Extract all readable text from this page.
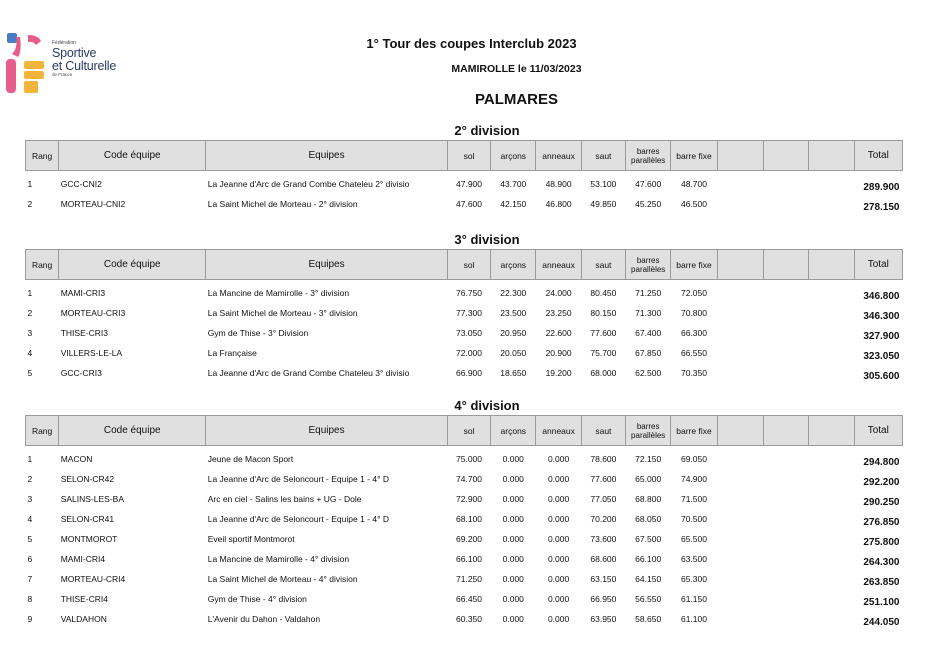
Fédération
Sportive
et Culturelle
de France
1° Tour des coupes Interclub 2023
MAMIROLLE le 11/03/2023
PALMARES
2° division
Rang	Code équipe	Equipes	sol	arçons	anneaux	saut	barres
parallèles	barre fixe				Total
1	GCC-CNI2	La Jeanne d'Arc de Grand Combe Chateleu 2° divisio	47.900	43.700	48.900	53.100	47.600	48.700				289.900
2	MORTEAU-CNI2	La Saint Michel de Morteau - 2° division	47.600	42.150	46.800	49.850	45.250	46.500				278.150
3° division
Rang	Code équipe	Equipes	sol	arçons	anneaux	saut	barres
parallèles	barre fixe				Total
1	MAMI-CRI3	La Mancine de Mamirolle - 3° division	76.750	22.300	24.000	80.450	71.250	72.050				346.800
2	MORTEAU-CRI3	La Saint Michel de Morteau - 3° division	77.300	23.500	23.250	80.150	71.300	70.800				346.300
3	THISE-CRI3	Gym de Thise - 3° Division	73.050	20.950	22.600	77.600	67.400	66.300				327.900
4	VILLERS-LE-LA	La Française	72.000	20.050	20.900	75.700	67.850	66.550				323.050
5	GCC-CRI3	La Jeanne d'Arc de Grand Combe Chateleu 3° divisio	66.900	18.650	19.200	68.000	62.500	70.350				305.600
4° division
Rang	Code équipe	Equipes	sol	arçons	anneaux	saut	barres
parallèles	barre fixe				Total
1	MACON	Jeune de Macon Sport	75.000	0.000	0.000	78.600	72.150	69.050				294.800
2	SELON-CR42	La Jeanne d'Arc de Seloncourt - Equipe 1 - 4° D	74.700	0.000	0.000	77.600	65.000	74.900				292.200
3	SALINS-LES-BA	Arc en ciel - Salins les bains + UG - Dole	72.900	0.000	0.000	77.050	68.800	71.500				290.250
4	SELON-CR41	La Jeanne d'Arc de Seloncourt - Equipe 1 - 4° D	68.100	0.000	0.000	70.200	68.050	70.500				276.850
5	MONTMOROT	Eveil sportif Montmorot	69.200	0.000	0.000	73.600	67.500	65.500				275.800
6	MAMI-CRI4	La Mancine de Mamirolle - 4° division	66.100	0.000	0.000	68.600	66.100	63.500				264.300
7	MORTEAU-CRI4	La Saint Michel de Morteau - 4° division	71.250	0.000	0.000	63.150	64.150	65.300				263.850
8	THISE-CRI4	Gym de Thise - 4° division	66.450	0.000	0.000	66.950	56.550	61.150				251.100
9	VALDAHON	L'Avenir du Dahon - Valdahon	60.350	0.000	0.000	63.950	58.650	61.100				244.050
